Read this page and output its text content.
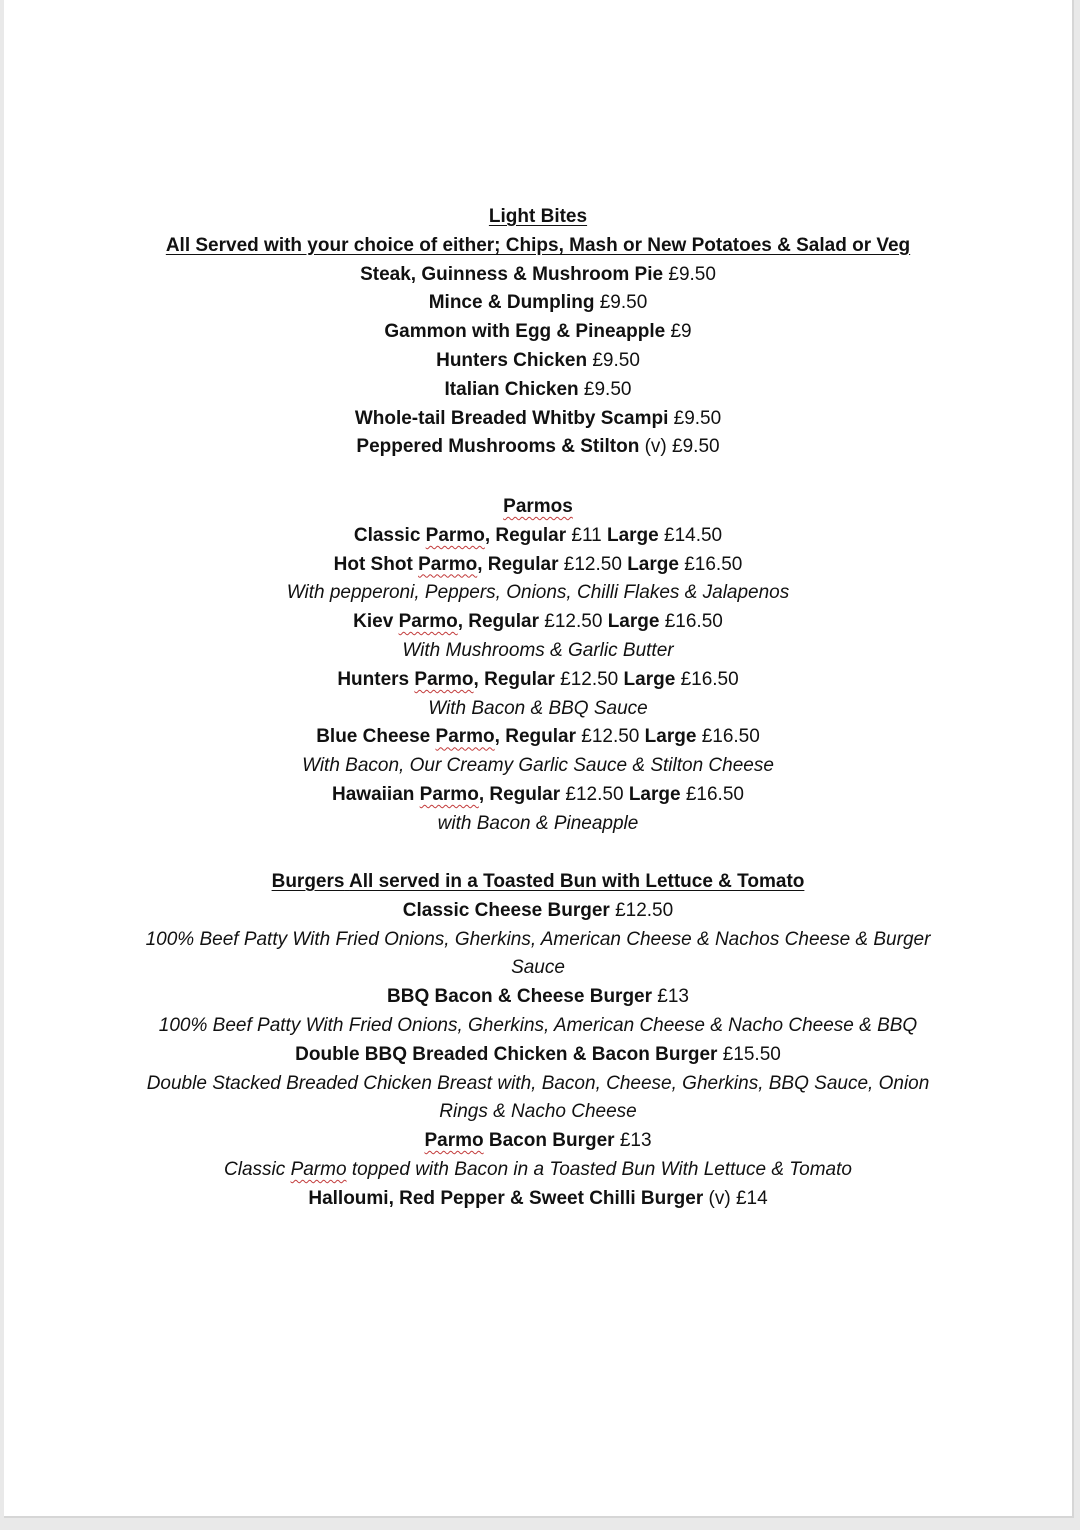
Light Bites
All Served with your choice of either; Chips, Mash or New Potatoes & Salad or Veg
Steak, Guinness & Mushroom Pie £9.50
Mince & Dumpling £9.50
Gammon with Egg & Pineapple £9
Hunters Chicken £9.50
Italian Chicken £9.50
Whole-tail Breaded Whitby Scampi £9.50
Peppered Mushrooms & Stilton (v) £9.50
Parmos
Classic Parmo, Regular £11 Large £14.50
Hot Shot Parmo, Regular £12.50 Large £16.50
With pepperoni, Peppers, Onions, Chilli Flakes & Jalapenos
Kiev Parmo, Regular £12.50 Large £16.50
With Mushrooms & Garlic Butter
Hunters Parmo, Regular £12.50 Large £16.50
With Bacon & BBQ Sauce
Blue Cheese Parmo, Regular £12.50 Large £16.50
With Bacon, Our Creamy Garlic Sauce & Stilton Cheese
Hawaiian Parmo, Regular £12.50 Large £16.50
with Bacon & Pineapple
Burgers All served in a Toasted Bun with Lettuce & Tomato
Classic Cheese Burger £12.50
100% Beef Patty With Fried Onions, Gherkins, American Cheese & Nachos Cheese & Burger Sauce
BBQ Bacon & Cheese Burger £13
100% Beef Patty With Fried Onions, Gherkins, American Cheese & Nacho Cheese & BBQ
Double BBQ Breaded Chicken & Bacon Burger £15.50
Double Stacked Breaded Chicken Breast with, Bacon, Cheese, Gherkins, BBQ Sauce, Onion Rings & Nacho Cheese
Parmo Bacon Burger £13
Classic Parmo topped with Bacon in a Toasted Bun With Lettuce & Tomato
Halloumi, Red Pepper & Sweet Chilli Burger (v) £14
